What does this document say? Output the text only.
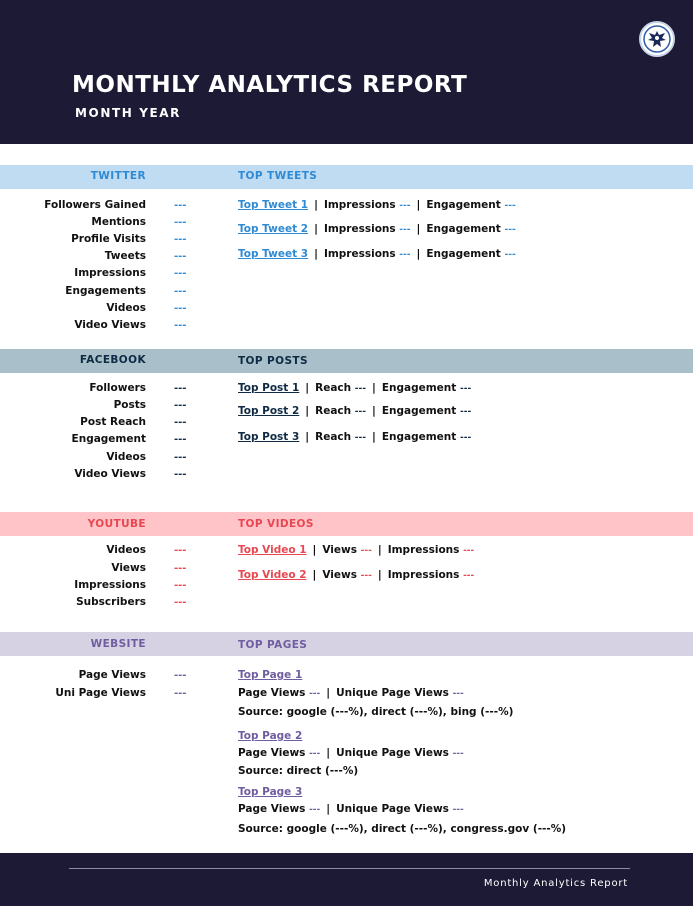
MONTHLY ANALYTICS REPORT
MONTH YEAR
TWITTER	TOP TWEETS
Followers Gained	---
Mentions	---
Profile Visits	---
Tweets	---
Impressions	---
Engagements	---
Videos	---
Video Views	---
Top Tweet 1 | Impressions --- | Engagement ---
Top Tweet 2 | Impressions --- | Engagement ---
Top Tweet 3 | Impressions --- | Engagement ---
FACEBOOK	TOP POSTS
Followers	---
Posts	---
Post Reach	---
Engagement	---
Videos	---
Video Views	---
Top Post 1 | Reach --- | Engagement ---
Top Post 2 | Reach --- | Engagement ---
Top Post 3 | Reach --- | Engagement ---
YOUTUBE	TOP VIDEOS
Videos	---
Views	---
Impressions	---
Subscribers	---
Top Video 1 | Views --- | Impressions ---
Top Video 2 | Views --- | Impressions ---
WEBSITE	TOP PAGES
Page Views	---
Uni Page Views	---
Top Page 1
Page Views --- | Unique Page Views ---
Source: google (---%), direct (---%), bing (---%)
Top Page 2
Page Views --- | Unique Page Views ---
Source: direct (---%)
Top Page 3
Page Views --- | Unique Page Views ---
Source: google (---%), direct (---%), congress.gov (---%)
Monthly Analytics Report
